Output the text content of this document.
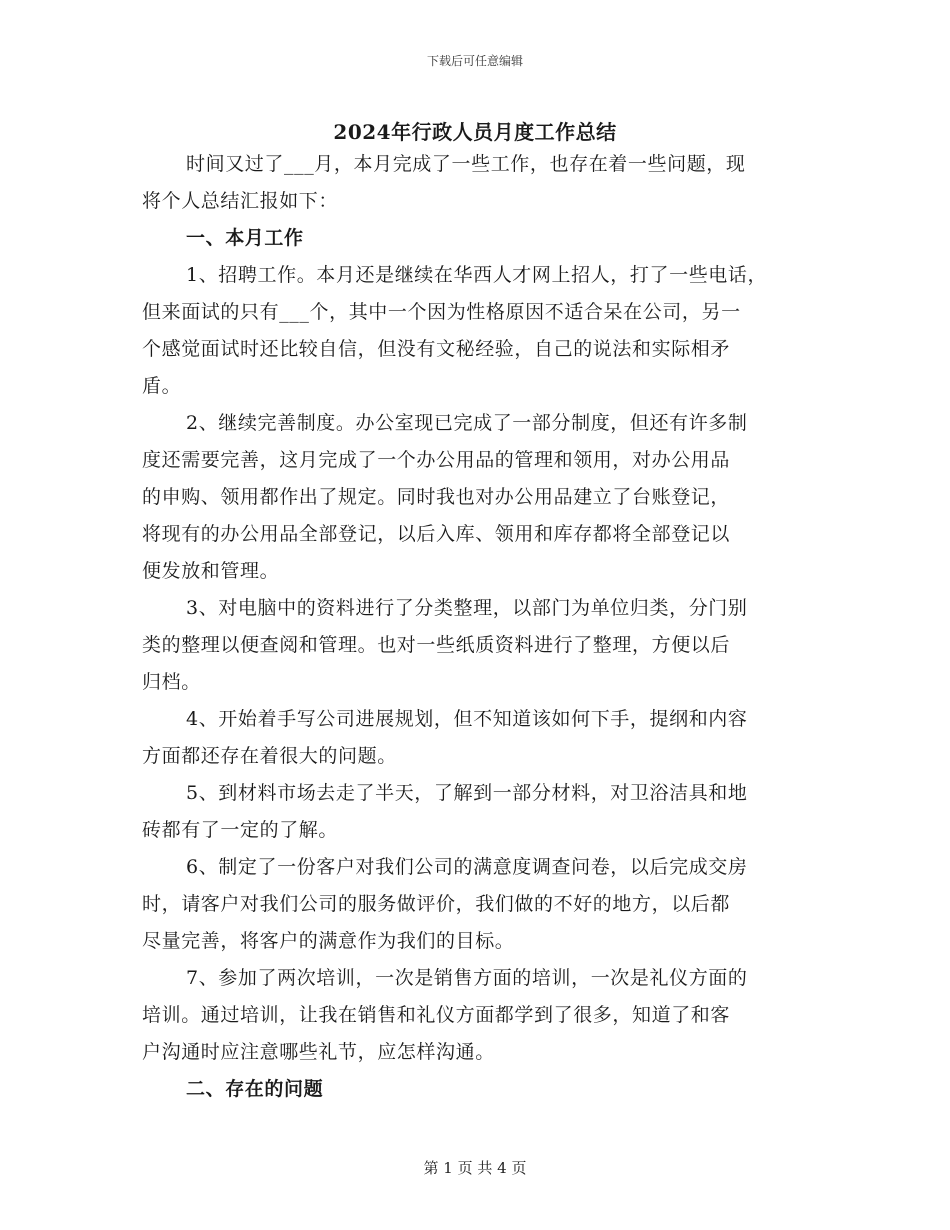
下载后可任意编辑
2024年行政人员月度工作总结
时间又过了___月，本月完成了一些工作，也存在着一些问题，现
将个人总结汇报如下：
一、本月工作
1、招聘工作。本月还是继续在华西人才网上招人，打了一些电话，
但来面试的只有___个，其中一个因为性格原因不适合呆在公司，另一
个感觉面试时还比较自信，但没有文秘经验，自己的说法和实际相矛
盾。
2、继续完善制度。办公室现已完成了一部分制度，但还有许多制
度还需要完善，这月完成了一个办公用品的管理和领用，对办公用品
的申购、领用都作出了规定。同时我也对办公用品建立了台账登记，
将现有的办公用品全部登记，以后入库、领用和库存都将全部登记以
便发放和管理。
3、对电脑中的资料进行了分类整理，以部门为单位归类，分门别
类的整理以便查阅和管理。也对一些纸质资料进行了整理，方便以后
归档。
4、开始着手写公司进展规划，但不知道该如何下手，提纲和内容
方面都还存在着很大的问题。
5、到材料市场去走了半天，了解到一部分材料，对卫浴洁具和地
砖都有了一定的了解。
6、制定了一份客户对我们公司的满意度调查问卷，以后完成交房
时，请客户对我们公司的服务做评价，我们做的不好的地方，以后都
尽量完善，将客户的满意作为我们的目标。
7、参加了两次培训，一次是销售方面的培训，一次是礼仪方面的
培训。通过培训，让我在销售和礼仪方面都学到了很多，知道了和客
户沟通时应注意哪些礼节，应怎样沟通。
二、存在的问题
第 1 页 共 4 页
